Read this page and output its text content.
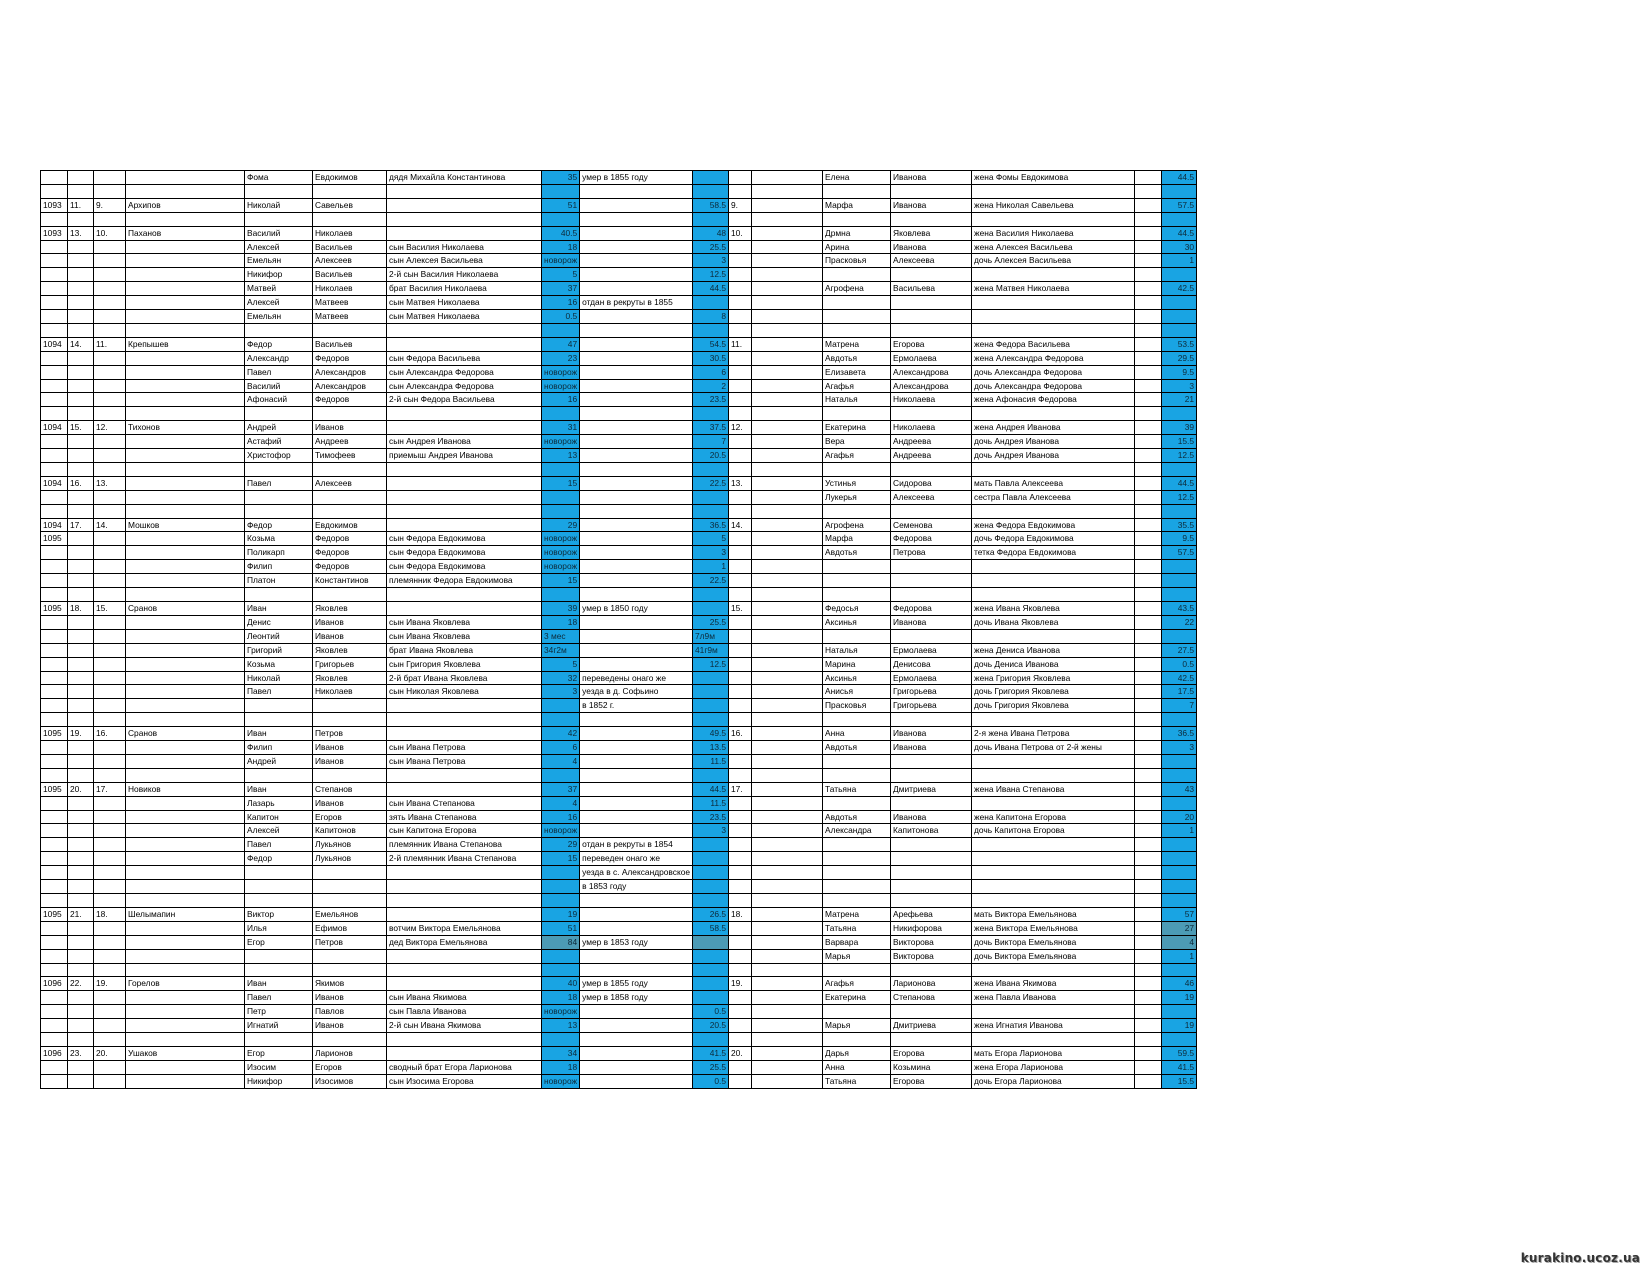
				Фома	Евдокимов	дядя Михайла Константинова	35	умер в 1855 году				Елена	Иванова	жена Фомы Евдокимова		44.5

1093	11.	9.	Архипов	Николай	Савельев		51		58.5	9.		Марфа	Иванова	жена Николая Савельева		57.5

1093	13.	10.	Паханов	Василий	Николаев		40.5		48	10.		Дрмна	Яковлева	жена Василия Николаева		44.5
				Алексей	Васильев	сын Василия Николаева	18		25.5			Арина	Иванова	жена Алексея Васильева		30
				Емельян	Алексеев	сын Алексея Васильева	новорож		3			Прасковья	Алексеева	дочь Алексея Васильева		1
				Никифор	Васильев	2-й сын Василия Николаева	5		12.5							
				Матвей	Николаев	брат Василия Николаева	37		44.5			Агрофена	Васильева	жена Матвея Николаева		42.5
				Алексей	Матвеев	сын Матвея Николаева	16	отдан в рекруты в 1855								
				Емельян	Матвеев	сын Матвея Николаева	0.5		8							

1094	14.	11.	Крепышев	Федор	Васильев		47		54.5	11.		Матрена	Егорова	жена Федора Васильева		53.5
				Александр	Федоров	сын Федора Васильева	23		30.5			Авдотья	Ермолаева	жена Александра Федорова		29.5
				Павел	Александров	сын Александра Федорова	новорож		6			Елизавета	Александрова	дочь Александра Федорова		9.5
				Василий	Александров	сын Александра Федорова	новорож		2			Агафья	Александрова	дочь Александра Федорова		3
				Афонасий	Федоров	2-й сын Федора Васильева	16		23.5			Наталья	Николаева	жена Афонасия Федорова		21

1094	15.	12.	Тихонов	Андрей	Иванов		31		37.5	12.		Екатерина	Николаева	жена Андрея Иванова		39
				Астафий	Андреев	сын Андрея Иванова	новорож		7			Вера	Андреева	дочь Андрея Иванова		15.5
				Христофор	Тимофеев	приемыш Андрея Иванова	13		20.5			Агафья	Андреева	дочь Андрея Иванова		12.5

1094	16.	13.		Павел	Алексеев		15		22.5	13.		Устинья	Сидорова	мать Павла Алексеева		44.5
												Лукерья	Алексеева	сестра Павла Алексеева		12.5

1094	17.	14.	Мошков	Федор	Евдокимов		29		36.5	14.		Агрофена	Семенова	жена Федора Евдокимова		35.5
1095				Козьма	Федоров	сын Федора Евдокимова	новорож		5			Марфа	Федорова	дочь Федора Евдокимова		9.5
				Поликарп	Федоров	сын Федора Евдокимова	новорож		3			Авдотья	Петрова	тетка Федора Евдокимова		57.5
				Филип	Федоров	сын Федора Евдокимова	новорож		1							
				Платон	Константинов	племянник Федора Евдокимова	15		22.5							

1095	18.	15.	Сранов	Иван	Яковлев		39	умер в 1850 году		15.		Федосья	Федорова	жена Ивана Яковлева		43.5
				Денис	Иванов	сын Ивана Яковлева	18		25.5			Аксинья	Иванова	дочь Ивана Яковлева		22
				Леонтий	Иванов	сын Ивана Яковлева	3 мес		7л9м							
				Григорий	Яковлев	брат Ивана Яковлева	34г2м		41г9м			Наталья	Ермолаева	жена Дениса Иванова		27.5
				Козьма	Григорьев	сын Григория Яковлева	5		12.5			Марина	Денисова	дочь Дениса Иванова		0.5
				Николай	Яковлев	2-й брат Ивана Яковлева	32	переведены онаго же				Аксинья	Ермолаева	жена Григория Яковлева		42.5
				Павел	Николаев	сын Николая Яковлева	3	уезда в д. Софьино				Анисья	Григорьева	дочь Григория Яковлева		17.5
								в 1852 г.				Прасковья	Григорьева	дочь Григория Яковлева		7

1095	19.	16.	Сранов	Иван	Петров		42		49.5	16.		Анна	Иванова	2-я жена Ивана Петрова		36.5
				Филип	Иванов	сын Ивана Петрова	6		13.5			Авдотья	Иванова	дочь Ивана Петрова от 2-й жены		3
				Андрей	Иванов	сын Ивана Петрова	4		11.5							

1095	20.	17.	Новиков	Иван	Степанов		37		44.5	17.		Татьяна	Дмитриева	жена Ивана Степанова		43
				Лазарь	Иванов	сын Ивана Степанова	4		11.5							
				Капитон	Егоров	зять Ивана Степанова	16		23.5			Авдотья	Иванова	жена Капитона Егорова		20
				Алексей	Капитонов	сын Капитона Егорова	новорож		3			Александра	Капитонова	дочь Капитона Егорова		1
				Павел	Лукьянов	племянник Ивана Степанова	29	отдан в рекруты в 1854								
				Федор	Лукьянов	2-й племянник Ивана Степанова	15	переведен онаго же								
								уезда в с. Александровское								
								в 1853 году								

1095	21.	18.	Шелымапин	Виктор	Емельянов		19		26.5	18.		Матрена	Арефьева	мать Виктора Емельянова		57
				Илья	Ефимов	вотчим Виктора Емельянова	51		58.5			Татьяна	Никифорова	жена Виктора Емельянова		27
				Егор	Петров	дед Виктора Емельянова	84	умер в 1853 году				Варвара	Викторова	дочь Виктора Емельянова		4
												Марья	Викторова	дочь Виктора Емельянова		1

1096	22.	19.	Горелов	Иван	Якимов		40	умер в 1855 году		19.		Агафья	Ларионова	жена Ивана Якимова		46
				Павел	Иванов	сын Ивана Якимова	18	умер в 1858 году				Екатерина	Степанова	жена Павла Иванова		19
				Петр	Павлов	сын Павла Иванова	новорож		0.5							
				Игнатий	Иванов	2-й сын Ивана Якимова	13		20.5			Марья	Дмитриева	жена Игнатия Иванова		19

1096	23.	20.	Ушаков	Егор	Ларионов		34		41.5	20.		Дарья	Егорова	мать Егора Ларионова		59.5
				Изосим	Егоров	сводный брат Егора Ларионова	18		25.5			Анна	Козьмина	жена Егора Ларионова		41.5
				Никифор	Изосимов	сын Изосима Егорова	новорож		0.5			Татьяна	Егорова	дочь Егора Ларионова		15.5
kurakino.ucoz.ua
